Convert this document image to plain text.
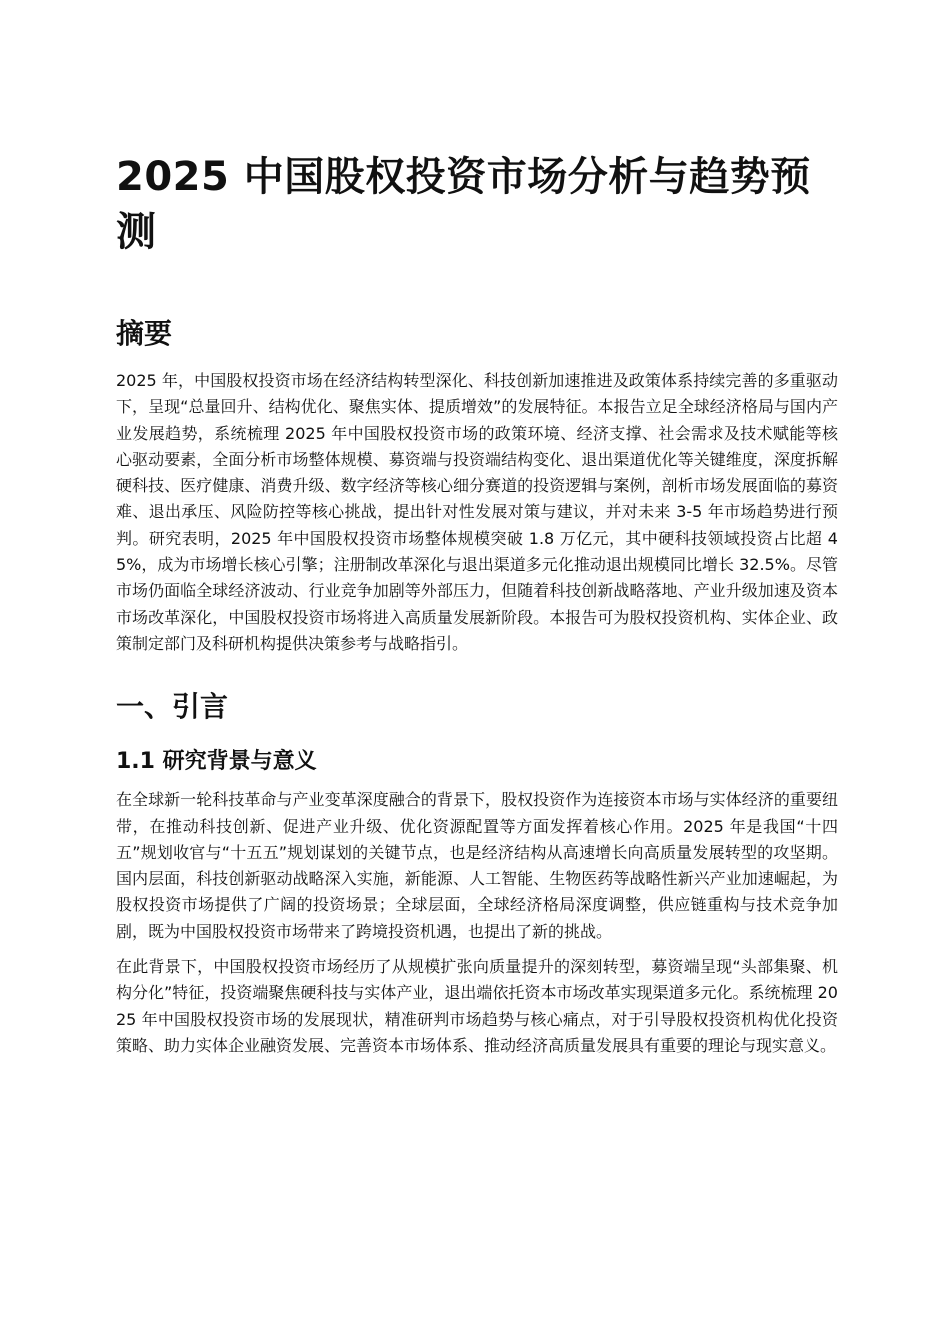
2025 中国股权投资市场分析与趋势预测
摘要

2025 年，中国股权投资市场在经济结构转型深化、科技创新加速推进及政策体系持续完善的多重驱动下，呈现“总量回升、结构优化、聚焦实体、提质增效”的发展特征。本报告立足全球经济格局与国内产业发展趋势，系统梳理 2025 年中国股权投资市场的政策环境、经济支撑、社会需求及技术赋能等核心驱动要素，全面分析市场整体规模、募资端与投资端结构变化、退出渠道优化等关键维度，深度拆解硬科技、医疗健康、消费升级、数字经济等核心细分赛道的投资逻辑与案例，剖析市场发展面临的募资难、退出承压、风险防控等核心挑战，提出针对性发展对策与建议，并对未来 3-5 年市场趋势进行预判。研究表明，2025 年中国股权投资市场整体规模突破 1.8 万亿元，其中硬科技领域投资占比超 45%，成为市场增长核心引擎；注册制改革深化与退出渠道多元化推动退出规模同比增长 32.5%。尽管市场仍面临全球经济波动、行业竞争加剧等外部压力，但随着科技创新战略落地、产业升级加速及资本市场改革深化，中国股权投资市场将进入高质量发展新阶段。本报告可为股权投资机构、实体企业、政策制定部门及科研机构提供决策参考与战略指引。

一、引言
1.1 研究背景与意义

在全球新一轮科技革命与产业变革深度融合的背景下，股权投资作为连接资本市场与实体经济的重要纽带，在推动科技创新、促进产业升级、优化资源配置等方面发挥着核心作用。2025 年是我国“十四五”规划收官与“十五五”规划谋划的关键节点，也是经济结构从高速增长向高质量发展转型的攻坚期。国内层面，科技创新驱动战略深入实施，新能源、人工智能、生物医药等战略性新兴产业加速崛起，为股权投资市场提供了广阔的投资场景；全球层面，全球经济格局深度调整，供应链重构与技术竞争加剧，既为中国股权投资市场带来了跨境投资机遇，也提出了新的挑战。

在此背景下，中国股权投资市场经历了从规模扩张向质量提升的深刻转型，募资端呈现“头部集聚、机构分化”特征，投资端聚焦硬科技与实体产业，退出端依托资本市场改革实现渠道多元化。系统梳理 2025 年中国股权投资市场的发展现状，精准研判市场趋势与核心痛点，对于引导股权投资机构优化投资策略、助力实体企业融资发展、完善资本市场体系、推动经济高质量发展具有重要的理论与现实意义。
